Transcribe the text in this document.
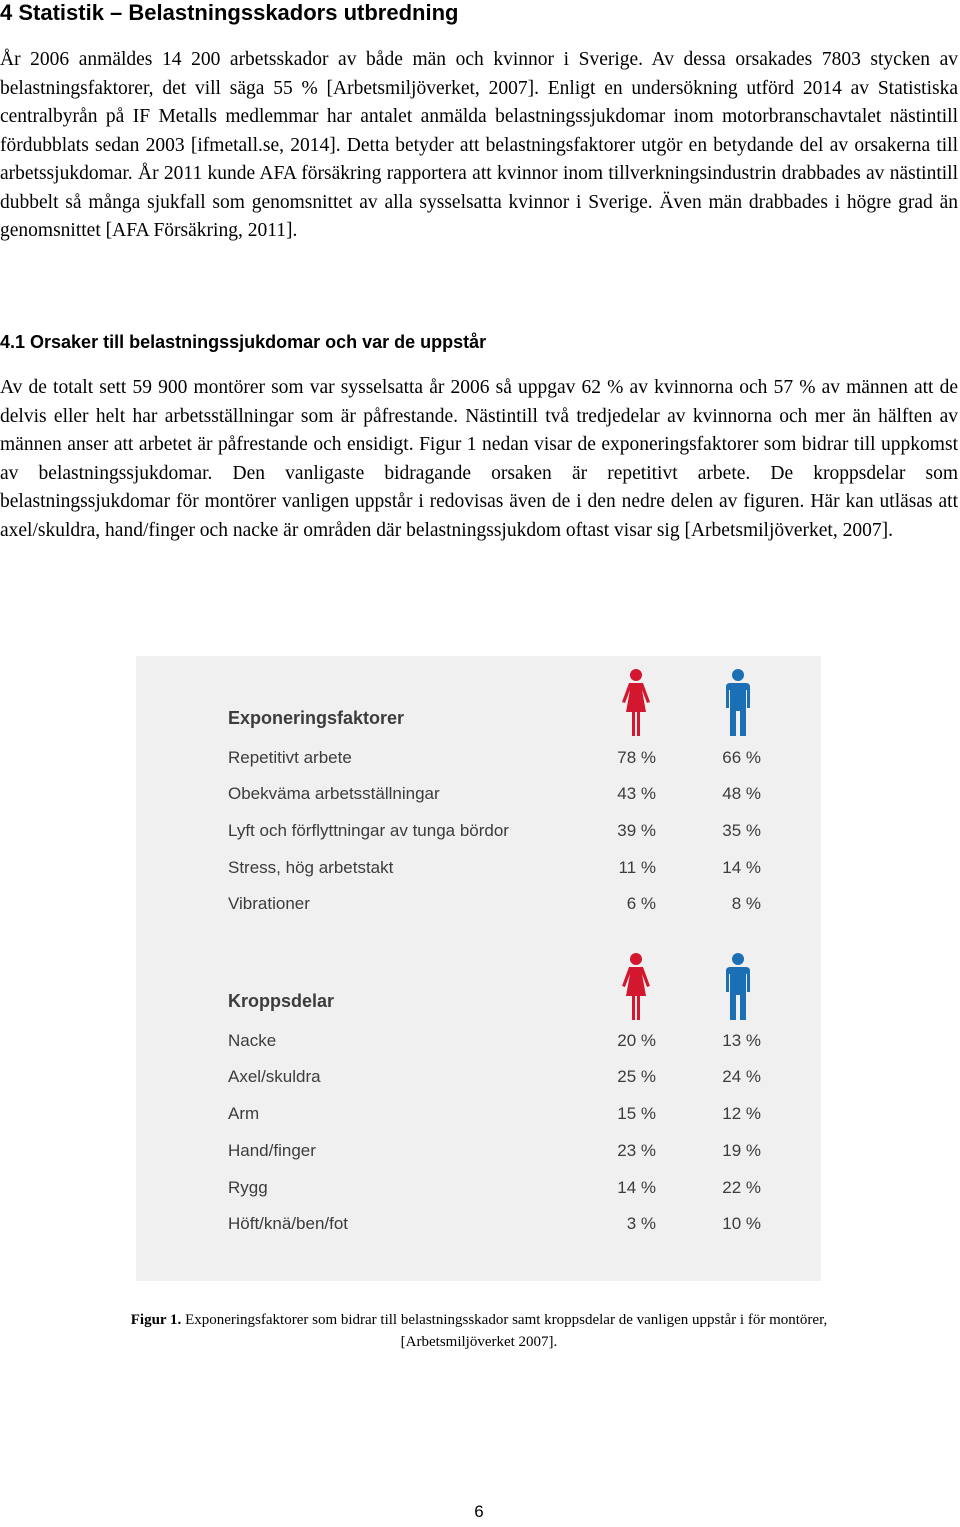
4 Statistik – Belastningsskadors utbredning

År 2006 anmäldes 14 200 arbetsskador av både män och kvinnor i Sverige. Av dessa orsakades 7803 stycken av belastningsfaktorer, det vill säga 55 % [Arbetsmiljöverket, 2007]. Enligt en undersökning utförd 2014 av Statistiska centralbyrån på IF Metalls medlemmar har antalet anmälda belastningssjukdomar inom motorbranschavtalet nästintill fördubblats sedan 2003 [ifmetall.se, 2014]. Detta betyder att belastningsfaktorer utgör en betydande del av orsakerna till arbetssjukdomar. År 2011 kunde AFA försäkring rapportera att kvinnor inom tillverkningsindustrin drabbades av nästintill dubbelt så många sjukfall som genomsnittet av alla sysselsatta kvinnor i Sverige. Även män drabbades i högre grad än genomsnittet [AFA Försäkring, 2011].

4.1 Orsaker till belastningssjukdomar och var de uppstår

Av de totalt sett 59 900 montörer som var sysselsatta år 2006 så uppgav 62 % av kvinnorna och 57 % av männen att de delvis eller helt har arbetsställningar som är påfrestande. Nästintill två tredjedelar av kvinnorna och mer än hälften av männen anser att arbetet är påfrestande och ensidigt. Figur 1 nedan visar de exponeringsfaktorer som bidrar till uppkomst av belastningssjukdomar. Den vanligaste bidragande orsaken är repetitivt arbete. De kroppsdelar som belastningssjukdomar för montörer vanligen uppstår i redovisas även de i den nedre delen av figuren. Här kan utläsas att axel/skuldra, hand/finger och nacke är områden där belastningssjukdom oftast visar sig [Arbetsmiljöverket, 2007].

Exponeringsfaktorer
Repetitivt arbete	78 %	66 %
Obekväma arbetsställningar	43 %	48 %
Lyft och förflyttningar av tunga bördor	39 %	35 %
Stress, hög arbetstakt	11 %	14 %
Vibrationer	6 %	8 %
Kroppsdelar
Nacke	20 %	13 %
Axel/skuldra	25 %	24 %
Arm	15 %	12 %
Hand/finger	23 %	19 %
Rygg	14 %	22 %
Höft/knä/ben/fot	3 %	10 %
Figur 1. Exponeringsfaktorer som bidrar till belastningsskador samt kroppsdelar de vanligen uppstår i för montörer,
[Arbetsmiljöverket 2007].
6
